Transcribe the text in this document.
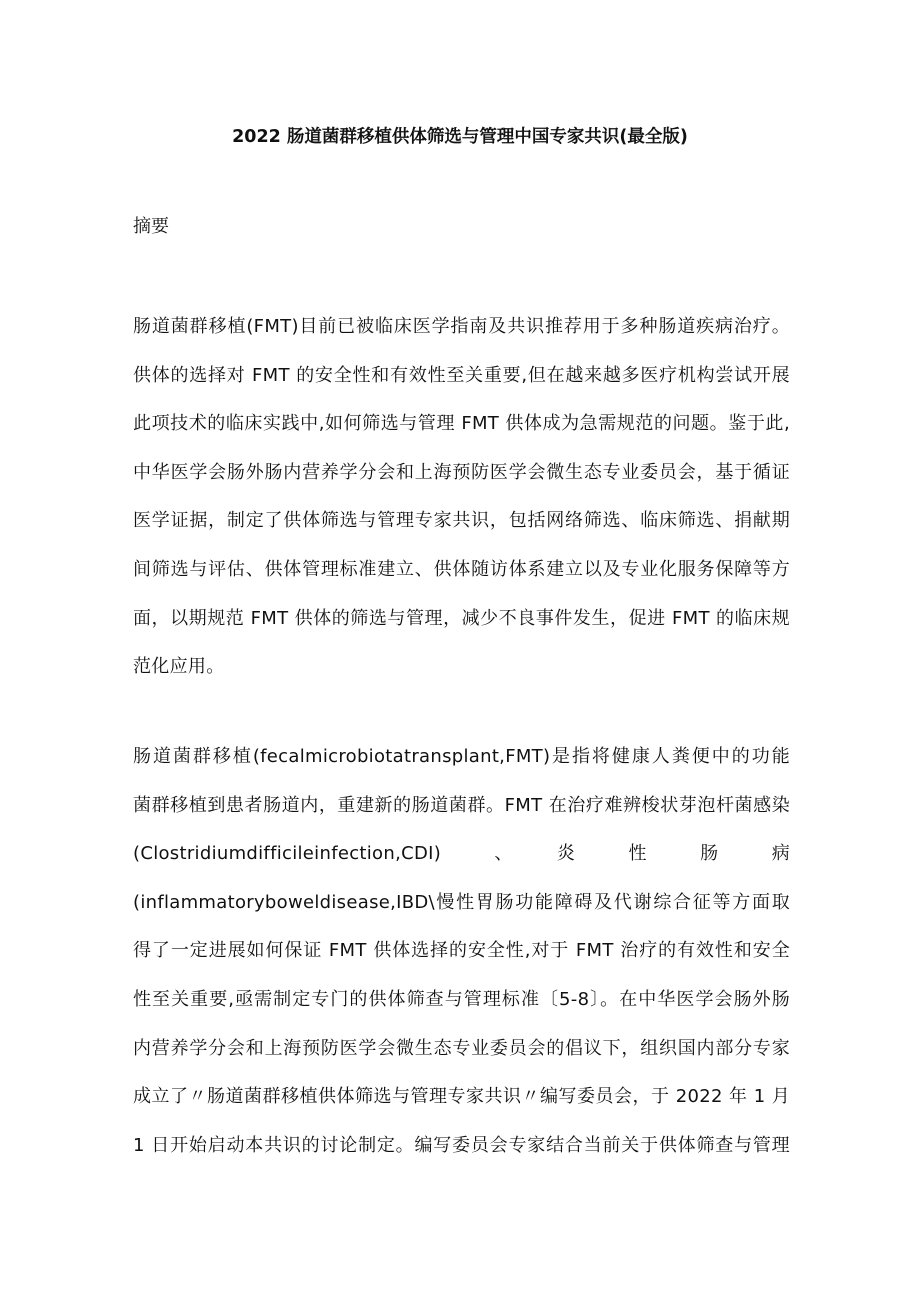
2022 肠道菌群移植供体筛选与管理中国专家共识(最全版)
摘要
肠道菌群移植(FMT)目前已被临床医学指南及共识推荐用于多种肠道疾病治疗。
供体的选择对 FMT 的安全性和有效性至关重要,但在越来越多医疗机构尝试开展
此项技术的临床实践中,如何筛选与管理 FMT 供体成为急需规范的问题。鉴于此,
中华医学会肠外肠内营养学分会和上海预防医学会微生态专业委员会，基于循证
医学证据，制定了供体筛选与管理专家共识，包括网络筛选、临床筛选、捐献期
间筛选与评估、供体管理标准建立、供体随访体系建立以及专业化服务保障等方
面，以期规范 FMT 供体的筛选与管理，减少不良事件发生，促进 FMT 的临床规
范化应用。
肠道菌群移植(fecalmicrobiotatransplant,FMT)是指将健康人粪便中的功能
菌群移植到患者肠道内，重建新的肠道菌群。FMT 在治疗难辨梭状芽泡杆菌感染
(Clostridiumdifficileinfection,CDI)　、　炎　性　肠　病
(inflammatoryboweldisease,IBD\慢性胃肠功能障碍及代谢综合征等方面取
得了一定进展如何保证 FMT 供体选择的安全性,对于 FMT 治疗的有效性和安全
性至关重要,亟需制定专门的供体筛查与管理标准〔5-8〕。在中华医学会肠外肠
内营养学分会和上海预防医学会微生态专业委员会的倡议下，组织国内部分专家
成立了〃肠道菌群移植供体筛选与管理专家共识〃编写委员会，于 2022 年 1 月
1 日开始启动本共识的讨论制定。编写委员会专家结合当前关于供体筛查与管理
